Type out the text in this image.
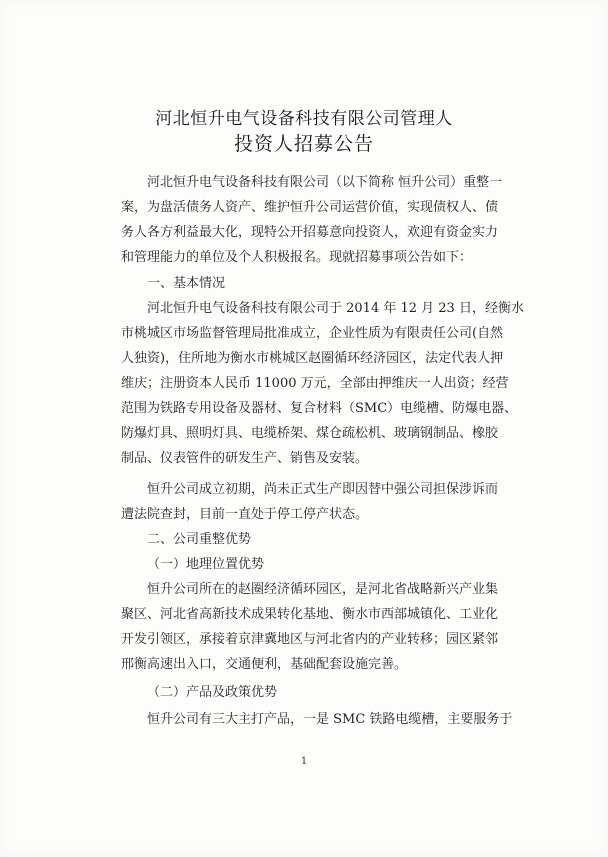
河北恒升电气设备科技有限公司管理人
投资人招募公告
河北恒升电气设备科技有限公司（以下简称 恒升公司）重整一
案，为盘活债务人资产、维护恒升公司运营价值，实现债权人、债
务人各方利益最大化，现特公开招募意向投资人，欢迎有资金实力
和管理能力的单位及个人积极报名。现就招募事项公告如下：
一、基本情况
河北恒升电气设备科技有限公司于 2014 年 12 月 23 日，经衡水
市桃城区市场监督管理局批准成立，企业性质为有限责任公司(自然
人独资)，住所地为衡水市桃城区赵圈循环经济园区，法定代表人押
维庆；注册资本人民币 11000 万元，全部由押维庆一人出资；经营
范围为铁路专用设备及器材、复合材料（SMC）电缆槽、防爆电器、
防爆灯具、照明灯具、电缆桥架、煤仓疏松机、玻璃钢制品、橡胶
制品、仪表管件的研发生产、销售及安装。
恒升公司成立初期，尚未正式生产即因替中强公司担保涉诉而
遭法院查封，目前一直处于停工停产状态。
二、公司重整优势
（一）地理位置优势
恒升公司所在的赵圈经济循环园区，是河北省战略新兴产业集
聚区、河北省高新技术成果转化基地、衡水市西部城镇化、工业化
开发引领区，承接着京津冀地区与河北省内的产业转移；园区紧邻
邢衡高速出入口，交通便利，基础配套设施完善。
（二）产品及政策优势
恒升公司有三大主打产品，一是 SMC 铁路电缆槽，主要服务于
1
